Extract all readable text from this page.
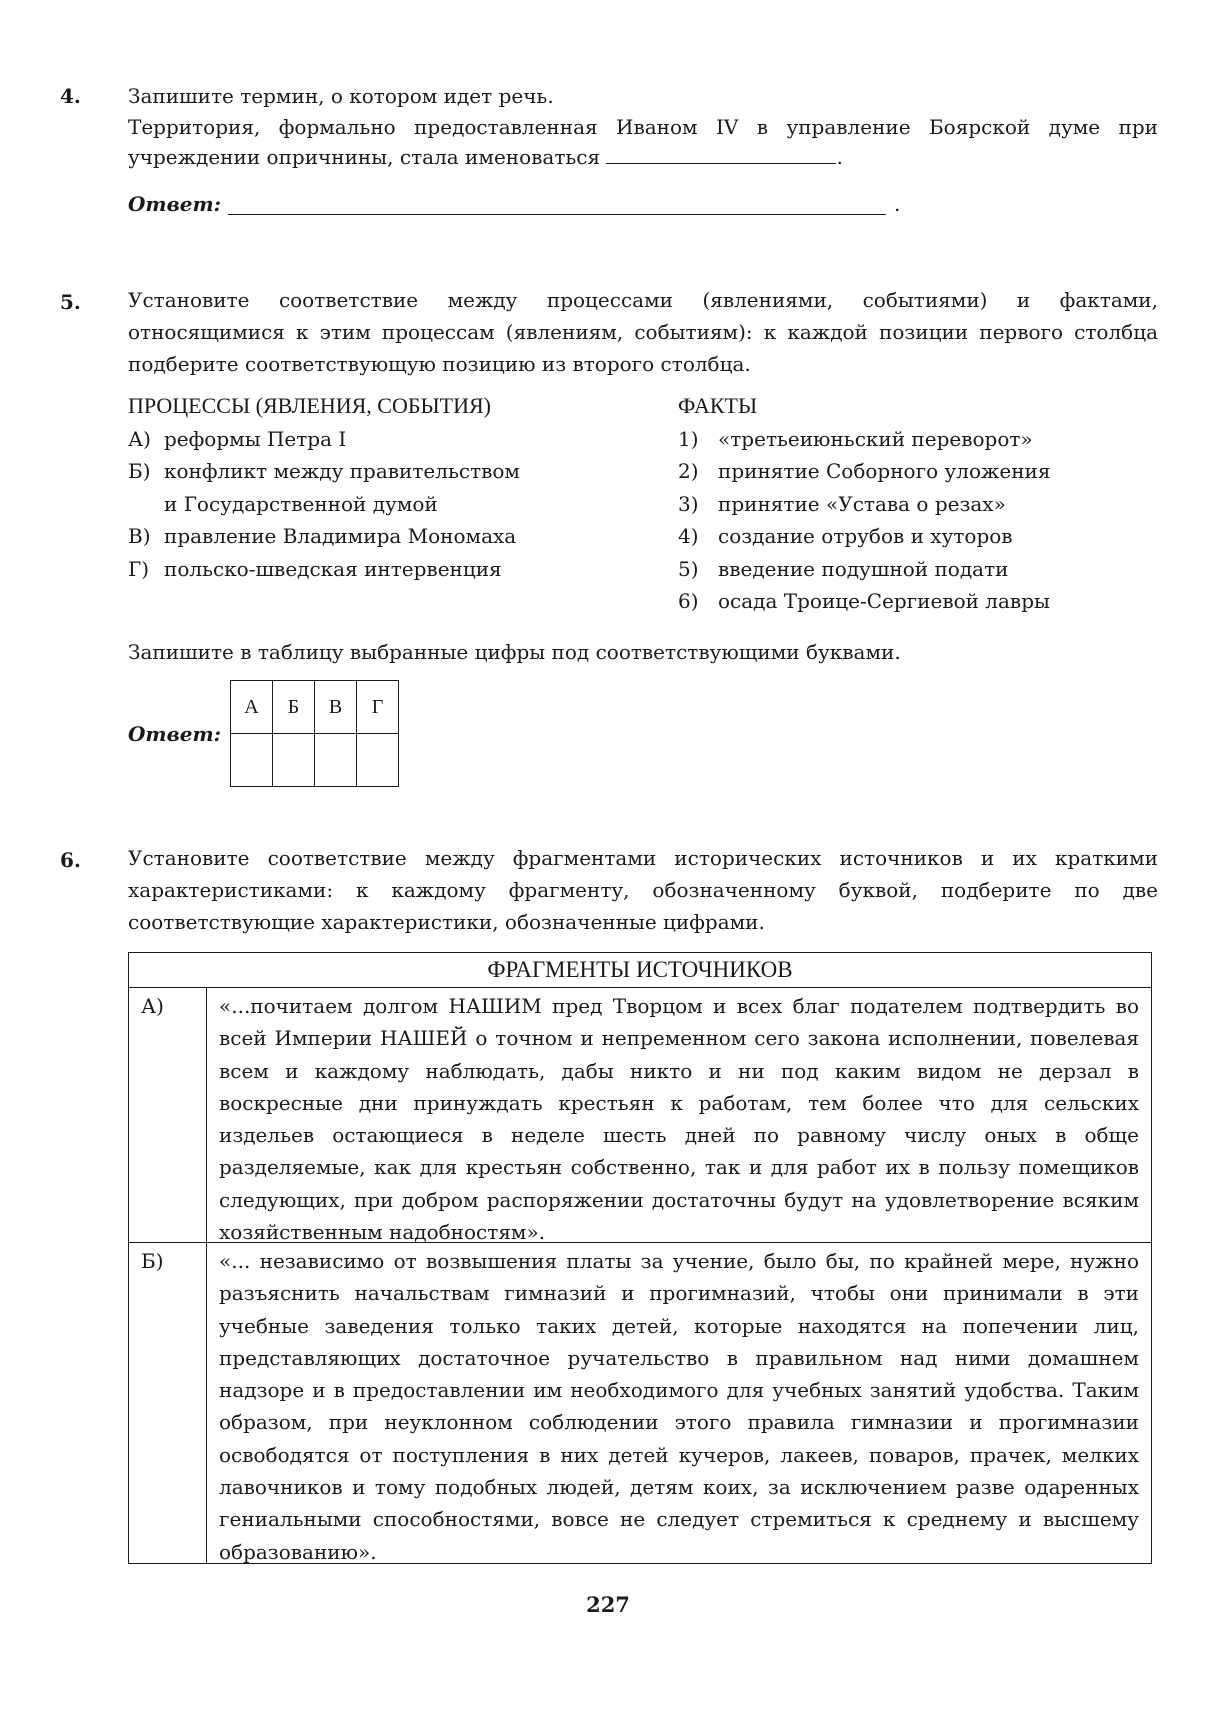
4. Запишите термин, о котором идет речь.
Территория, формально предоставленная Иваном IV в управление Боярской думе при учреждении опричнины, стала именоваться	.
Ответ:	.
5. Установите соответствие между процессами (явлениями, событиями) и фактами, относящимися к этим процессам (явлениям, событиям): к каждой позиции первого столбца подберите соответствующую позицию из второго столбца.
ПРОЦЕССЫ (ЯВЛЕНИЯ, СОБЫТИЯ)
А) реформы Петра I
Б) конфликт между правительством
и Государственной думой
В) правление Владимира Мономаха
Г) польско-шведская интервенция
ФАКТЫ
1) «третьеиюньский переворот»
2) принятие Соборного уложения
3) принятие «Устава о резах»
4) создание отрубов и хуторов
5) введение подушной подати
6) осада Троице-Сергиевой лавры
Запишите в таблицу выбранные цифры под соответствующими буквами.
Ответ:
А	Б	В	Г

6. Установите соответствие между фрагментами исторических источников и их краткими характеристиками: к каждому фрагменту, обозначенному буквой, подберите по две соответствующие характеристики, обозначенные цифрами.
ФРАГМЕНТЫ ИСТОЧНИКОВ
А)	«...почитаем долгом НАШИМ пред Творцом и всех благ подателем подтвердить во всей Империи НАШЕЙ о точном и непременном сего закона исполнении, повелевая всем и каждому наблюдать, дабы никто и ни под каким видом не дерзал в воскресные дни принуждать крестьян к работам, тем более что для сельских издельев остающиеся в неделе шесть дней по равному числу оных в обще разделяемые, как для крестьян собственно, так и для работ их в пользу помещиков следующих, при добром распоряжении достаточны будут на удовлетворение всяким хозяйственным надобностям».
Б)	«... независимо от возвышения платы за учение, было бы, по крайней мере, нужно разъяснить начальствам гимназий и прогимназий, чтобы они принимали в эти учебные заведения только таких детей, которые находятся на попечении лиц, представляющих достаточное ручательство в правильном над ними домашнем надзоре и в предоставлении им необходимого для учебных занятий удобства. Таким образом, при неуклонном соблюдении этого правила гимназии и прогимназии освободятся от поступления в них детей кучеров, лакеев, поваров, прачек, мелких лавочников и тому подобных людей, детям коих, за исключением разве одаренных гениальными способностями, вовсе не следует стремиться к среднему и высшему образованию».
227
